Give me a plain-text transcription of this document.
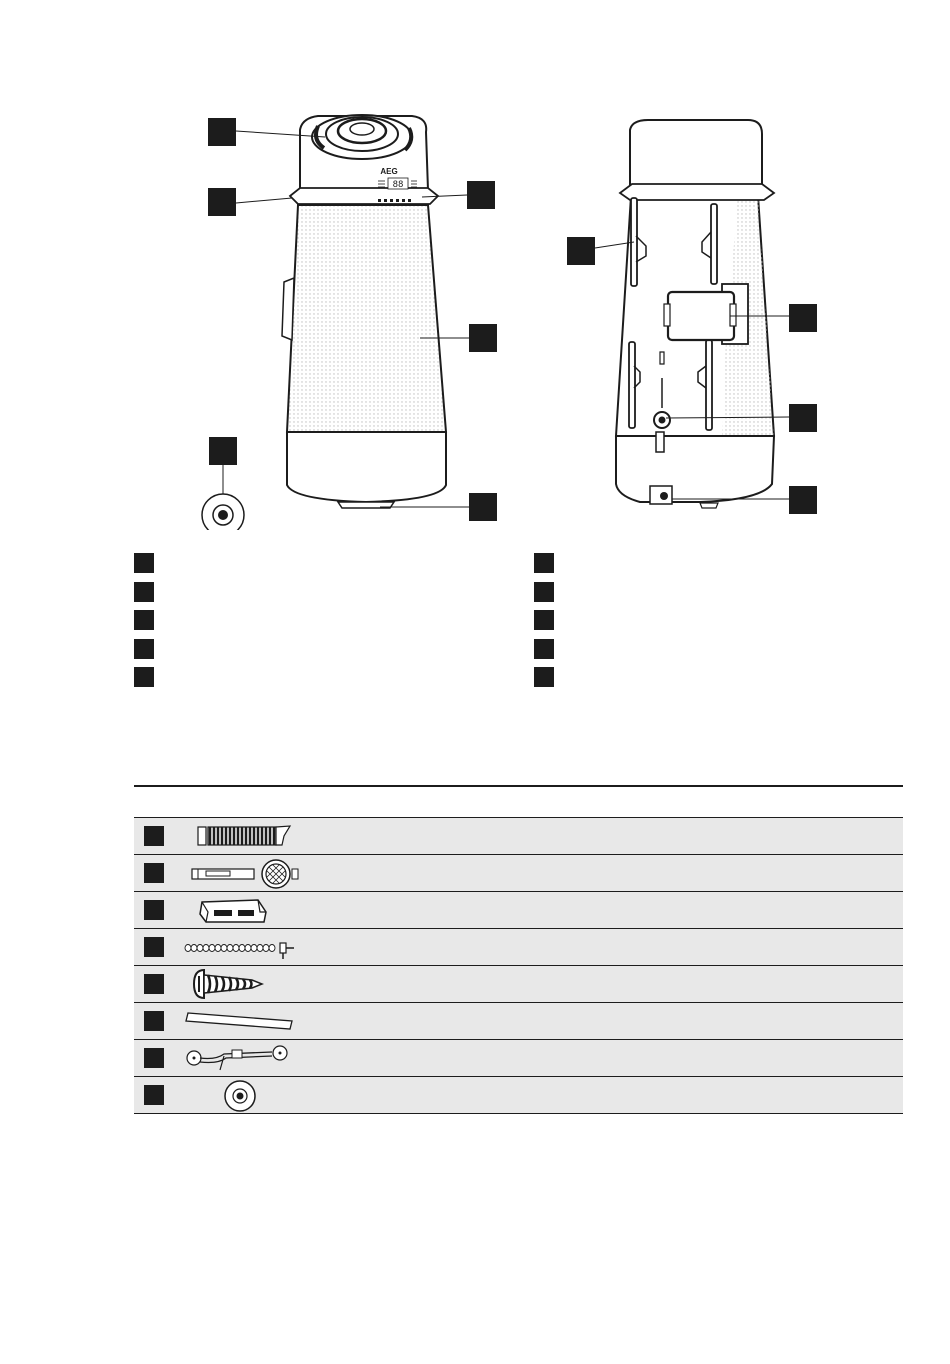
AEG
88
